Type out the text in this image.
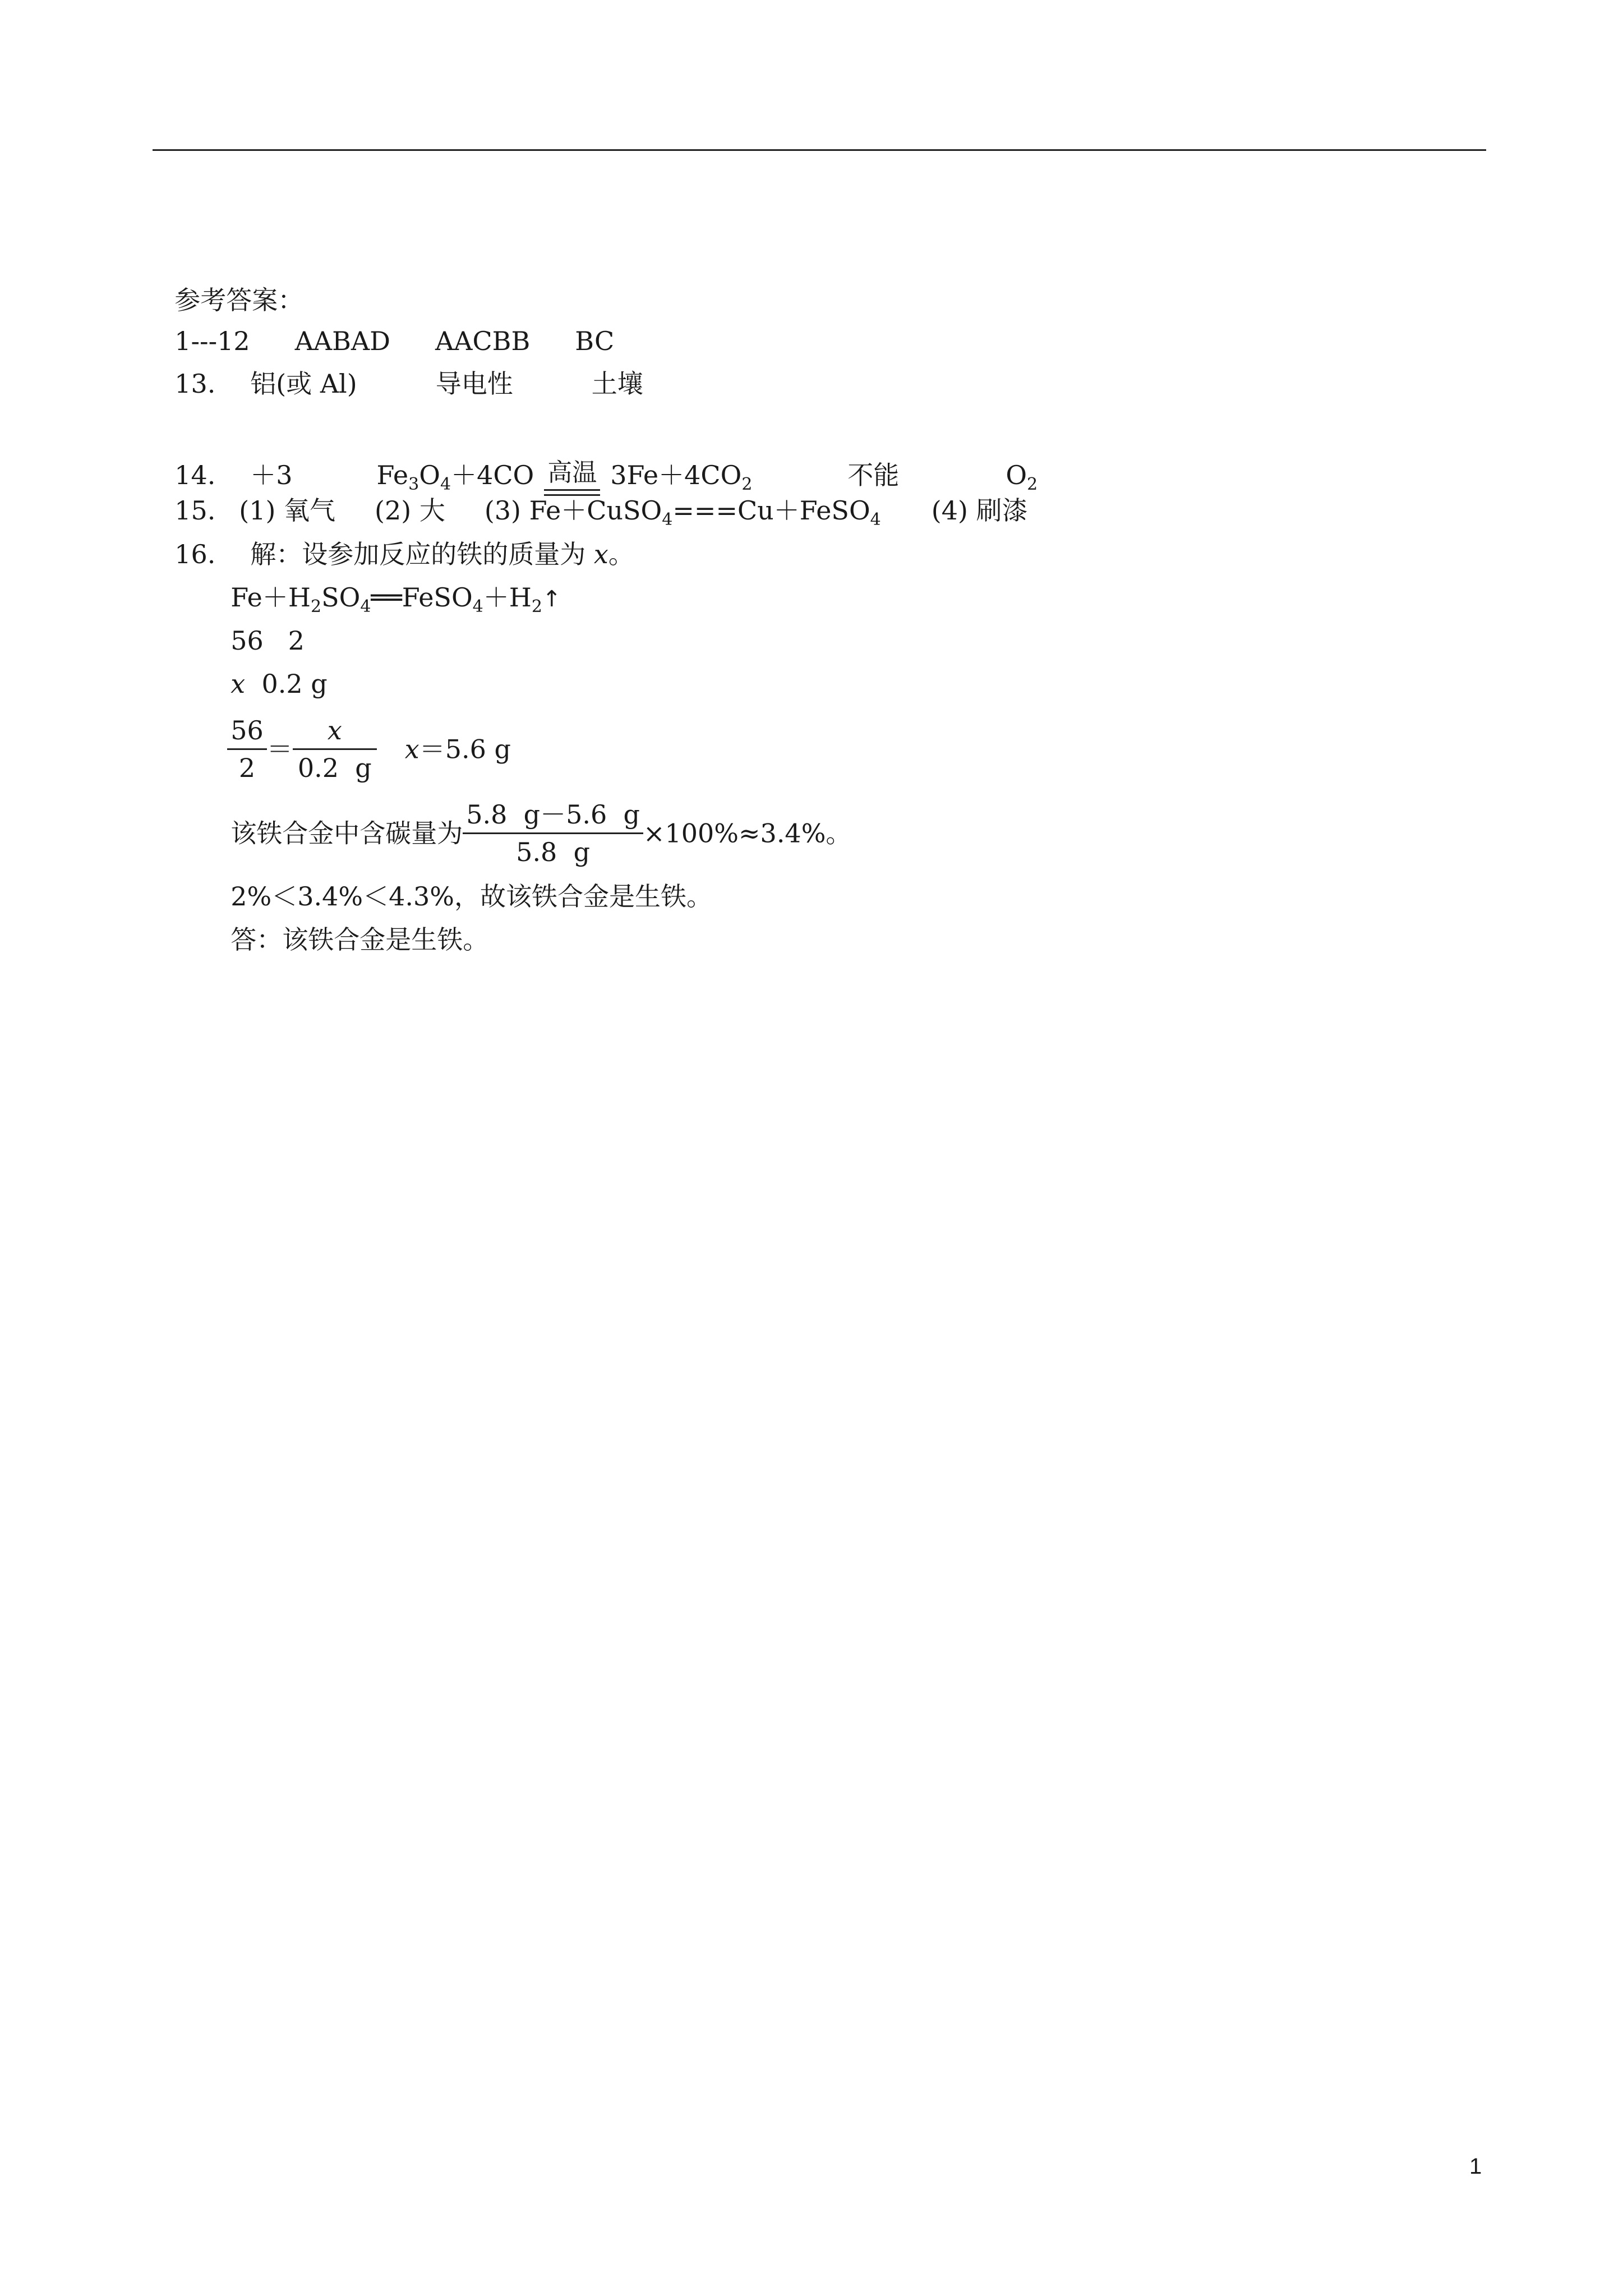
参考答案：

1---12 AABAD AACBB BC

13. 铝(或 Al)	导电性	土壤

14. ＋3	$Fe_3O_4+4CO$ 高温 $3Fe+4CO_2$	不能	$O_2$

15. (1) 氧气 (2) 大 (3) Fe＋CuSO$_4$===Cu＋FeSO$_4$ (4) 刷漆

16. 解：设参加反应的铁的质量为 x。

$Fe+H_2SO_4══FeSO_4+H_2↑$

56   2

x  0.2 g

$\frac{56}{2} = \frac{x}{0.2 g} x=5.6$ g

该铁合金中含碳量为 $\frac{5.8 g-5.6 g}{5.8 g} \times 100\%\approx 3.4\%$。

2%＜3.4%＜4.3%，故该铁合金是生铁。

答：该铁合金是生铁。

1
